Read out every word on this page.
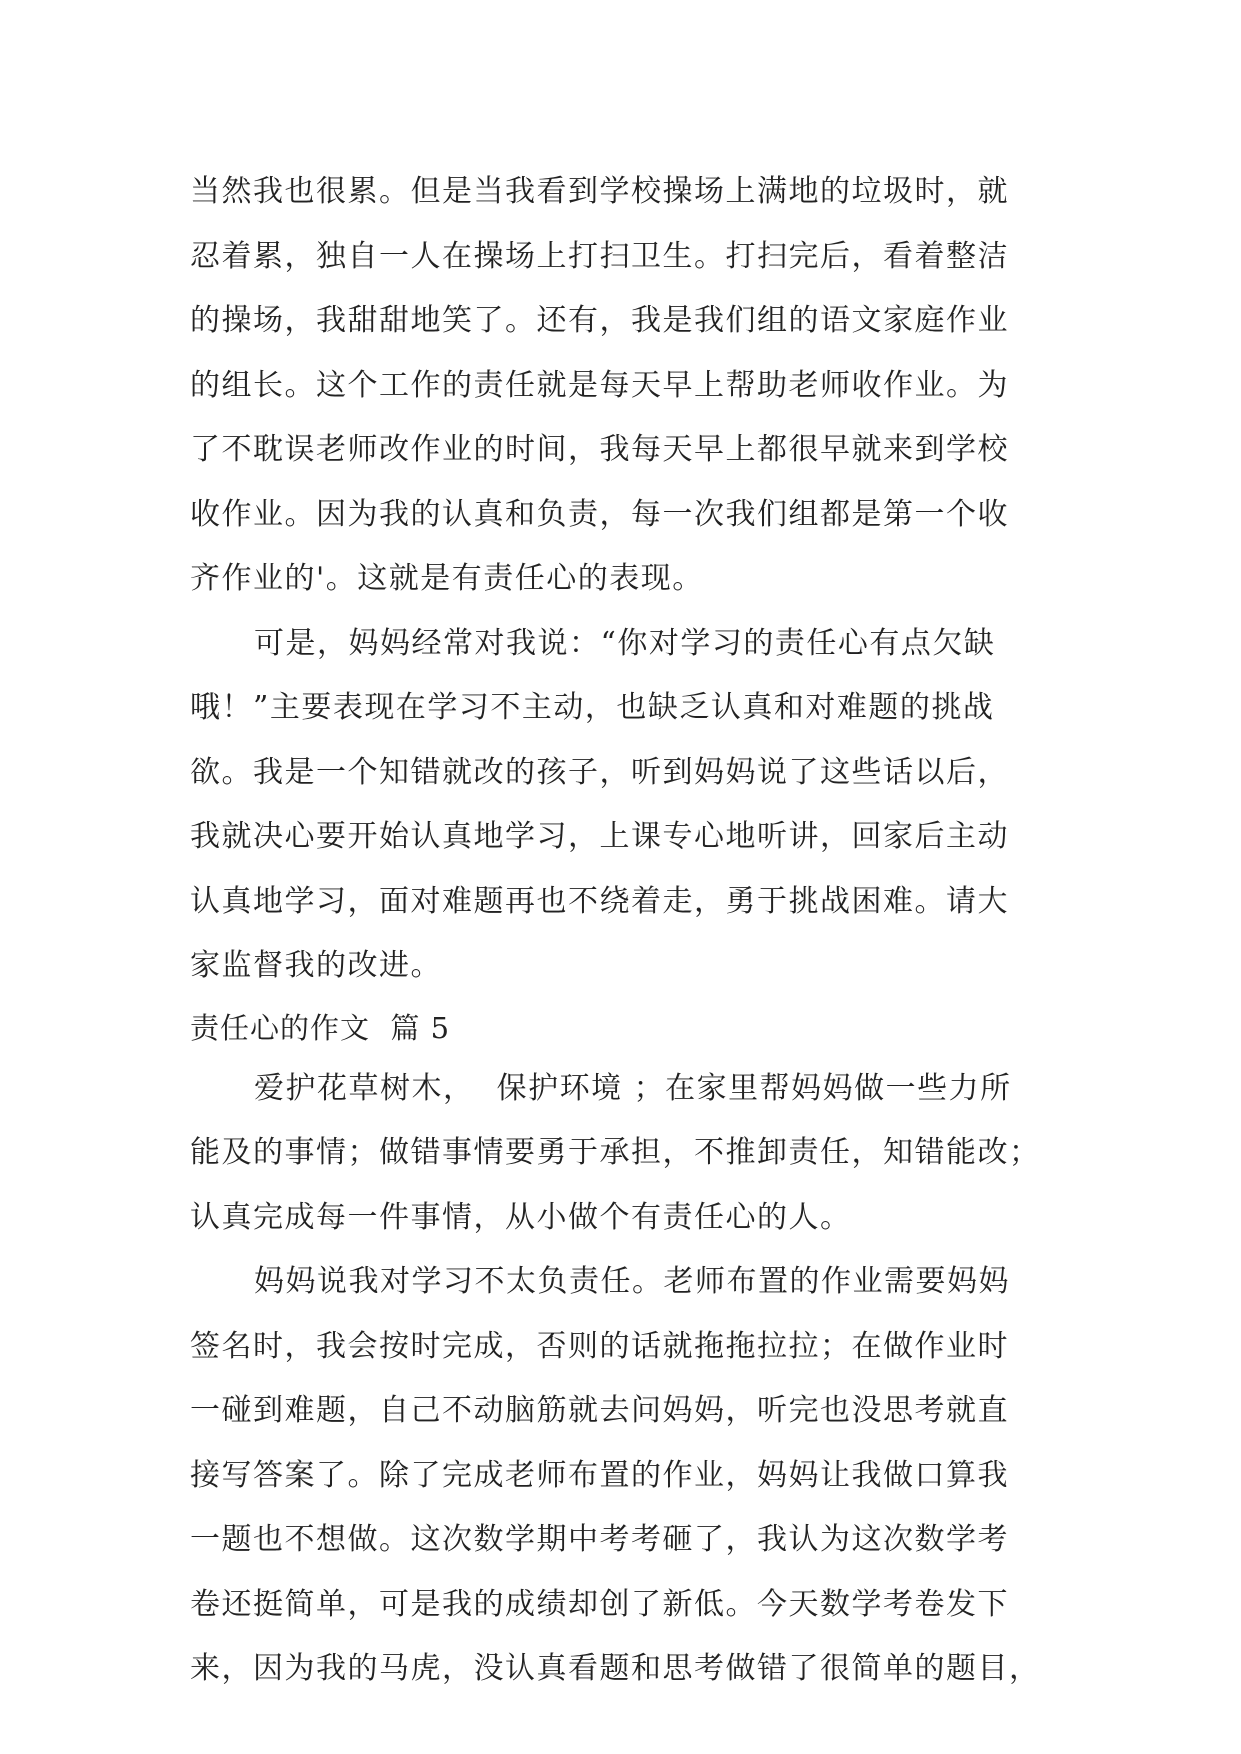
当然我也很累。但是当我看到学校操场上满地的垃圾时，就
忍着累，独自一人在操场上打扫卫生。打扫完后，看着整洁
的操场，我甜甜地笑了。还有，我是我们组的语文家庭作业
的组长。这个工作的责任就是每天早上帮助老师收作业。为
了不耽误老师改作业的时间，我每天早上都很早就来到学校
收作业。因为我的认真和负责，每一次我们组都是第一个收
齐作业的'。这就是有责任心的表现。
可是，妈妈经常对我说：“你对学习的责任心有点欠缺
哦！”主要表现在学习不主动，也缺乏认真和对难题的挑战
欲。我是一个知错就改的孩子，听到妈妈说了这些话以后，
我就决心要开始认真地学习，上课专心地听讲，回家后主动
认真地学习，面对难题再也不绕着走，勇于挑战困难。请大
家监督我的改进。
责任心的作文  篇 5
爱护花草树木，  保护环境 ；在家里帮妈妈做一些力所
能及的事情；做错事情要勇于承担，不推卸责任，知错能改；
认真完成每一件事情，从小做个有责任心的人。
妈妈说我对学习不太负责任。老师布置的作业需要妈妈
签名时，我会按时完成，否则的话就拖拖拉拉；在做作业时
一碰到难题，自己不动脑筋就去问妈妈，听完也没思考就直
接写答案了。除了完成老师布置的作业，妈妈让我做口算我
一题也不想做。这次数学期中考考砸了，我认为这次数学考
卷还挺简单，可是我的成绩却创了新低。今天数学考卷发下
来，因为我的马虎，没认真看题和思考做错了很简单的题目，
